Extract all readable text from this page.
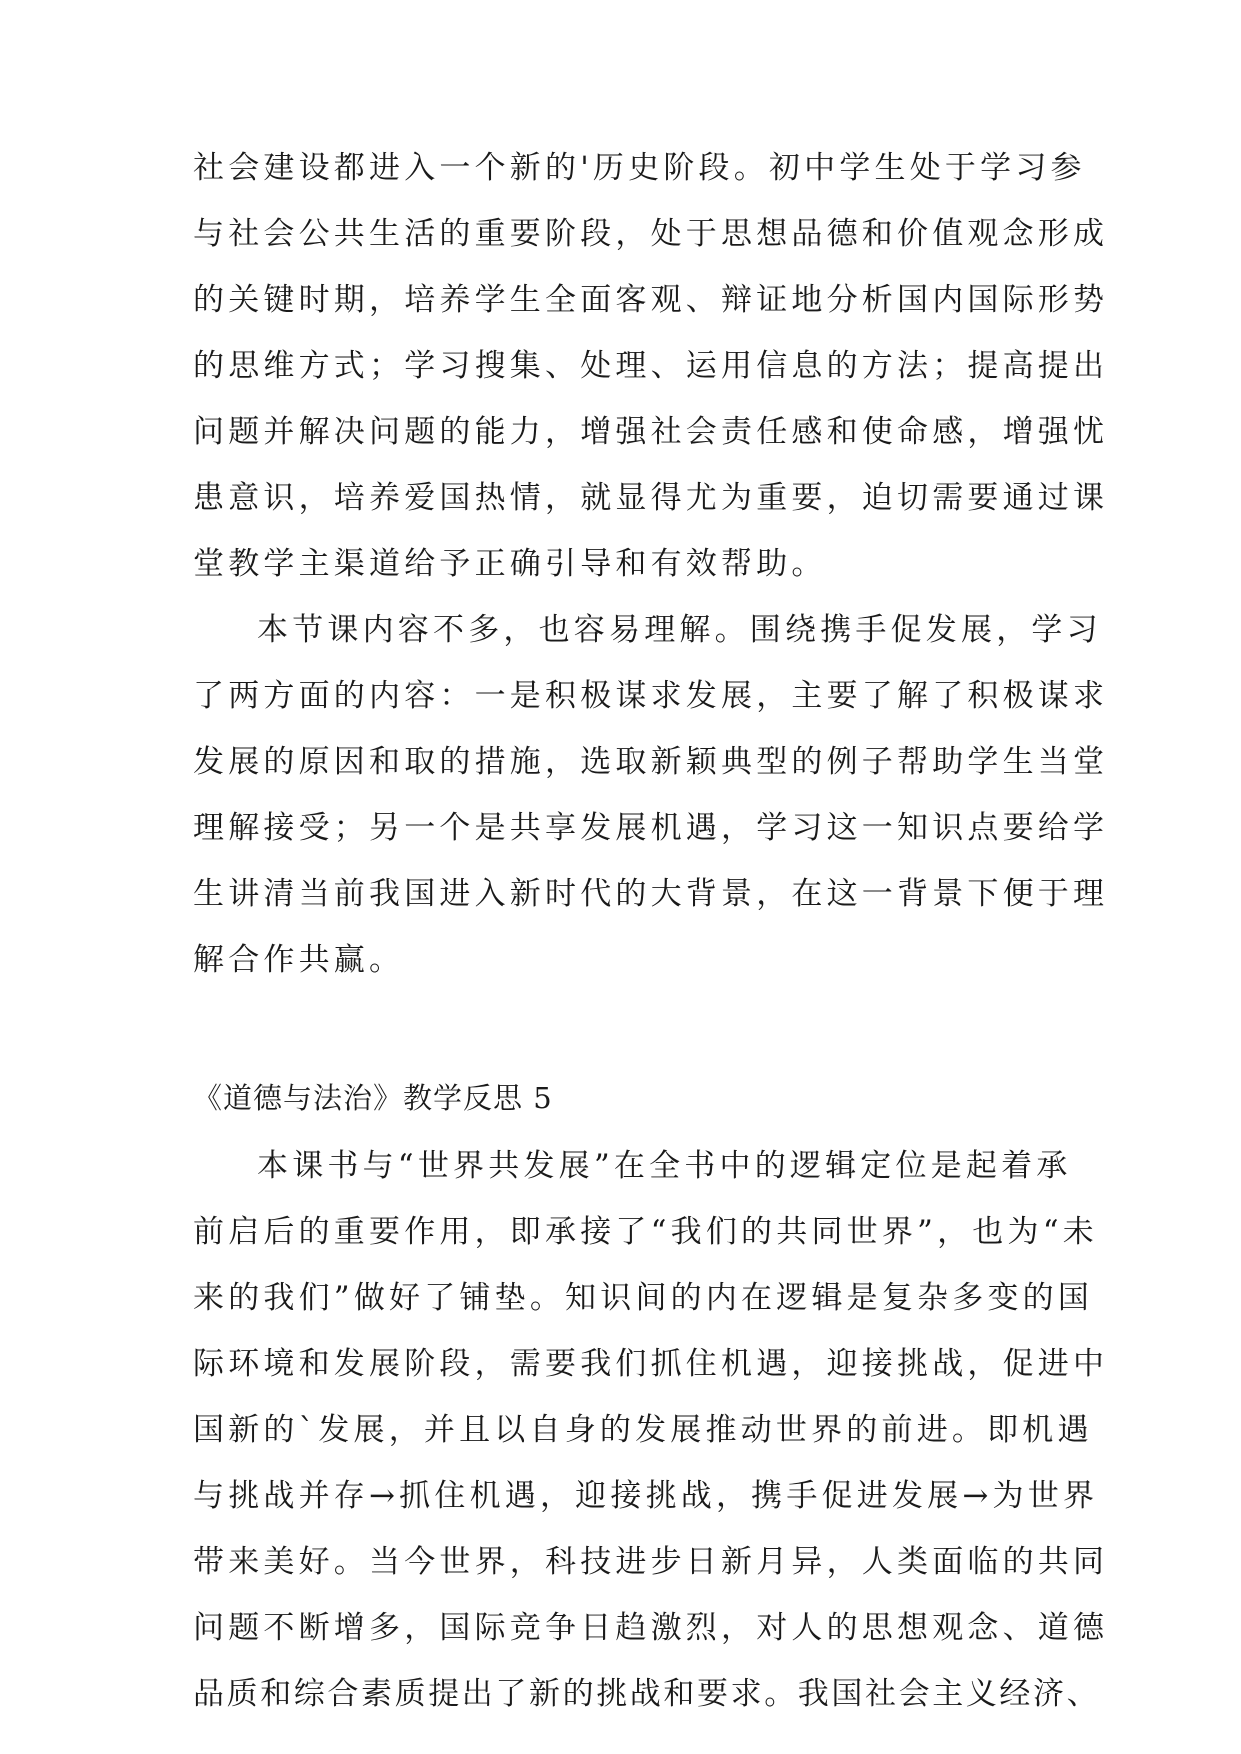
社会建设都进入一个新的'历史阶段。初中学生处于学习参
与社会公共生活的重要阶段，处于思想品德和价值观念形成
的关键时期，培养学生全面客观、辩证地分析国内国际形势
的思维方式；学习搜集、处理、运用信息的方法；提高提出
问题并解决问题的能力，增强社会责任感和使命感，增强忧
患意识，培养爱国热情，就显得尤为重要，迫切需要通过课
堂教学主渠道给予正确引导和有效帮助。
本节课内容不多，也容易理解。围绕携手促发展，学习
了两方面的内容：一是积极谋求发展，主要了解了积极谋求
发展的原因和取的措施，选取新颖典型的例子帮助学生当堂
理解接受；另一个是共享发展机遇，学习这一知识点要给学
生讲清当前我国进入新时代的大背景，在这一背景下便于理
解合作共赢。
《道德与法治》教学反思 5
本课书与“世界共发展”在全书中的逻辑定位是起着承
前启后的重要作用，即承接了“我们的共同世界”，也为“未
来的我们”做好了铺垫。知识间的内在逻辑是复杂多变的国
际环境和发展阶段，需要我们抓住机遇，迎接挑战，促进中
国新的`发展，并且以自身的发展推动世界的前进。即机遇
与挑战并存→抓住机遇，迎接挑战，携手促进发展→为世界
带来美好。当今世界，科技进步日新月异，人类面临的共同
问题不断增多，国际竞争日趋激烈，对人的思想观念、道德
品质和综合素质提出了新的挑战和要求。我国社会主义经济、
